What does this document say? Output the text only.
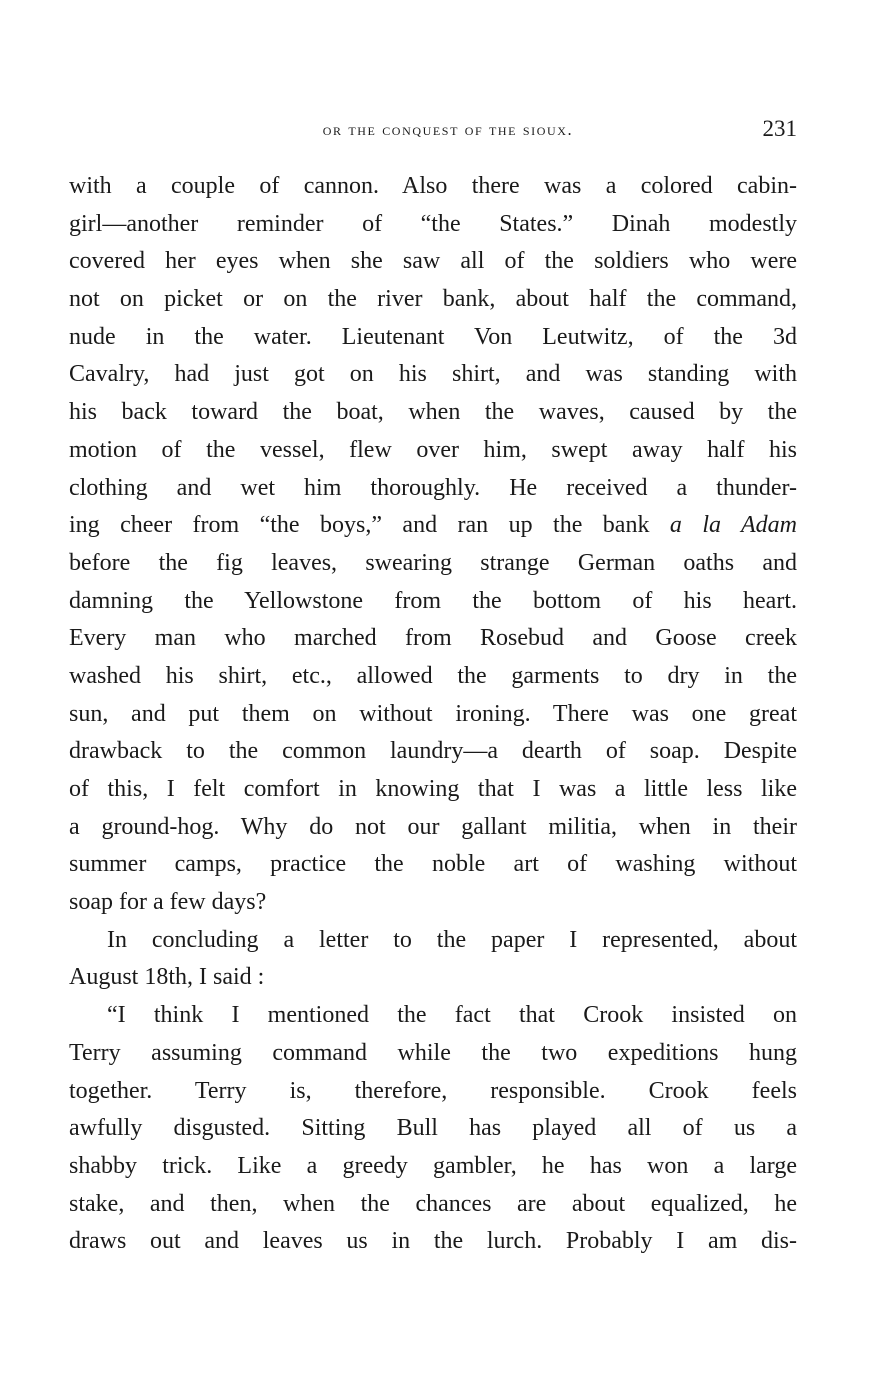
or the conquest of the sioux.	231
with a couple of cannon. Also there was a colored cabin-
girl—another reminder of “the States.” Dinah modestly
covered her eyes when she saw all of the soldiers who were
not on picket or on the river bank, about half the command,
nude in the water. Lieutenant Von Leutwitz, of the 3d
Cavalry, had just got on his shirt, and was standing with
his back toward the boat, when the waves, caused by the
motion of the vessel, flew over him, swept away half his
clothing and wet him thoroughly. He received a thunder-
ing cheer from “the boys,” and ran up the bank a la Adam
before the fig leaves, swearing strange German oaths and
damning the Yellowstone from the bottom of his heart.
Every man who marched from Rosebud and Goose creek
washed his shirt, etc., allowed the garments to dry in the
sun, and put them on without ironing. There was one great
drawback to the common laundry—a dearth of soap. Despite
of this, I felt comfort in knowing that I was a little less like
a ground-hog. Why do not our gallant militia, when in their
summer camps, practice the noble art of washing without
soap for a few days?
In concluding a letter to the paper I represented, about
August 18th, I said :
“I think I mentioned the fact that Crook insisted on
Terry assuming command while the two expeditions hung
together. Terry is, therefore, responsible. Crook feels
awfully disgusted. Sitting Bull has played all of us a
shabby trick. Like a greedy gambler, he has won a large
stake, and then, when the chances are about equalized, he
draws out and leaves us in the lurch. Probably I am dis-
